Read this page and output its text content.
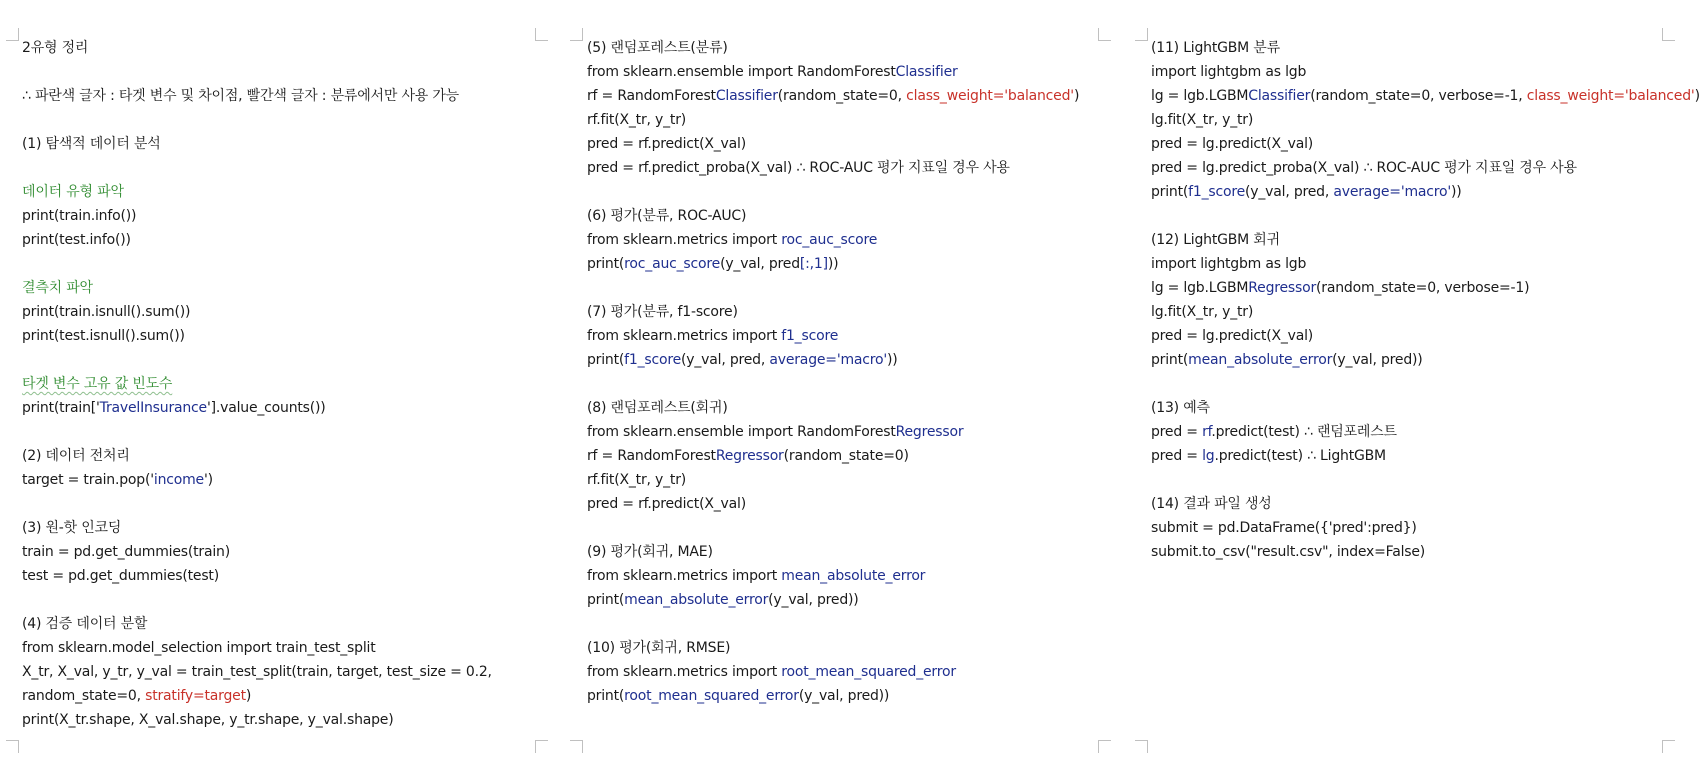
2유형 정리
∴ 파란색 글자 : 타겟 변수 및 차이점, 빨간색 글자 : 분류에서만 사용 가능
(1) 탐색적 데이터 분석
데이터 유형 파악
print(train.info())
print(test.info())
결측치 파악
print(train.isnull().sum())
print(test.isnull().sum())
타겟 변수 고유 값 빈도수
print(train['TravelInsurance'].value_counts())
(2) 데이터 전처리
target = train.pop('income')
(3) 원-핫 인코딩
train = pd.get_dummies(train)
test = pd.get_dummies(test)
(4) 검증 데이터 분할
from sklearn.model_selection import train_test_split
X_tr, X_val, y_tr, y_val = train_test_split(train, target, test_size = 0.2,
random_state=0, stratify=target)
print(X_tr.shape, X_val.shape, y_tr.shape, y_val.shape)
(5) 랜덤포레스트(분류)
from sklearn.ensemble import RandomForestClassifier
rf = RandomForestClassifier(random_state=0, class_weight='balanced')
rf.fit(X_tr, y_tr)
pred = rf.predict(X_val)
pred = rf.predict_proba(X_val) ∴ ROC-AUC 평가 지표일 경우 사용
(6) 평가(분류, ROC-AUC)
from sklearn.metrics import roc_auc_score
print(roc_auc_score(y_val, pred[:,1]))
(7) 평가(분류, f1-score)
from sklearn.metrics import f1_score
print(f1_score(y_val, pred, average='macro'))
(8) 랜덤포레스트(회귀)
from sklearn.ensemble import RandomForestRegressor
rf = RandomForestRegressor(random_state=0)
rf.fit(X_tr, y_tr)
pred = rf.predict(X_val)
(9) 평가(회귀, MAE)
from sklearn.metrics import mean_absolute_error
print(mean_absolute_error(y_val, pred))
(10) 평가(회귀, RMSE)
from sklearn.metrics import root_mean_squared_error
print(root_mean_squared_error(y_val, pred))
(11) LightGBM 분류
import lightgbm as lgb
lg = lgb.LGBMClassifier(random_state=0, verbose=-1, class_weight='balanced')
lg.fit(X_tr, y_tr)
pred = lg.predict(X_val)
pred = lg.predict_proba(X_val) ∴ ROC-AUC 평가 지표일 경우 사용
print(f1_score(y_val, pred, average='macro'))
(12) LightGBM 회귀
import lightgbm as lgb
lg = lgb.LGBMRegressor(random_state=0, verbose=-1)
lg.fit(X_tr, y_tr)
pred = lg.predict(X_val)
print(mean_absolute_error(y_val, pred))
(13) 예측
pred = rf.predict(test) ∴ 랜덤포레스트
pred = lg.predict(test) ∴ LightGBM
(14) 결과 파일 생성
submit = pd.DataFrame({'pred':pred})
submit.to_csv("result.csv", index=False)
